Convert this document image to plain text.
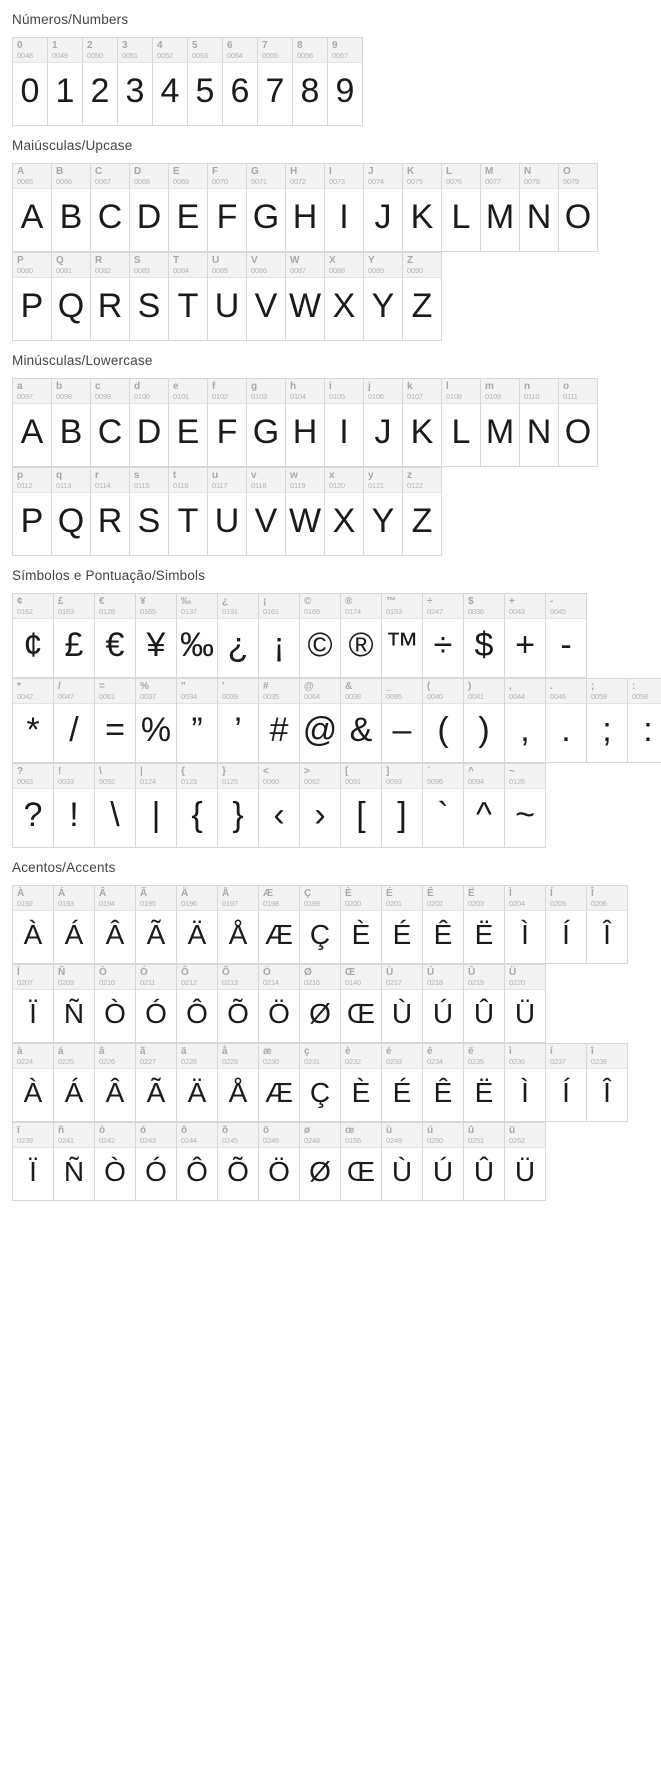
Números/Numbers
0
0048
0
1
0049
1
2
0050
2
3
0051
3
4
0052
4
5
0053
5
6
0054
6
7
0055
7
8
0056
8
9
0057
9
Maiúsculas/Upcase
A
0065
A
B
0066
B
C
0067
C
D
0068
D
E
0069
E
F
0070
F
G
0071
G
H
0072
H
I
0073
I
J
0074
J
K
0075
K
L
0076
L
M
0077
M
N
0078
N
O
0079
O
P
0080
P
Q
0081
Q
R
0082
R
S
0083
S
T
0084
T
U
0085
U
V
0086
V
W
0087
W
X
0088
X
Y
0089
Y
Z
0090
Z
Minúsculas/Lowercase
a
0097
A
b
0098
B
c
0099
C
d
0100
D
e
0101
E
f
0102
F
g
0103
G
h
0104
H
i
0105
I
j
0106
J
k
0107
K
l
0108
L
m
0109
M
n
0110
N
o
0111
O
p
0112
P
q
0113
Q
r
0114
R
s
0115
S
t
0116
T
u
0117
U
v
0118
V
w
0119
W
x
0120
X
y
0121
Y
z
0122
Z
Símbolos e Pontuação/Simbols
¢
0162
¢
£
0163
£
€
0128
€
¥
0165
¥
‰
0137
‰
¿
0191
¿
¡
0161
¡
©
0169
©
®
0174
®
™
0153
™
÷
0247
÷
$
0036
$
+
0043
+
-
0045
-
*
0042
*
/
0047
/
=
0061
=
%
0037
%
"
0034
”
'
0039
’
#
0035
#
@
0064
@
&
0038
&
_
0095
–
(
0040
(
)
0041
)
,
0044
,
.
0046
.
;
0059
;
:
0058
:
?
0063
?
!
0033
!
\
0092
\
|
0124
|
{
0123
{
}
0125
}
<
0060
‹
>
0062
›
[
0091
[
]
0093
]
`
0096
`
^
0094
^
~
0126
~
Acentos/Accents
À
0192
À
Á
0193
Á
Â
0194
Â
Ã
0195
Ã
Ä
0196
Ä
Å
0197
Å
Æ
0198
Æ
Ç
0199
Ç
È
0200
È
É
0201
É
Ê
0202
Ê
Ë
0203
Ë
Ì
0204
Ì
Í
0205
Í
Î
0206
Î
Ï
0207
Ï
Ñ
0209
Ñ
Ò
0210
Ò
Ó
0211
Ó
Ô
0212
Ô
Õ
0213
Õ
Ö
0214
Ö
Ø
0216
Ø
Œ
0140
Œ
Ù
0217
Ù
Ú
0218
Ú
Û
0219
Û
Ü
0220
Ü
à
0224
À
á
0225
Á
â
0226
Â
ã
0227
Ã
ä
0228
Ä
å
0229
Å
æ
0230
Æ
ç
0231
Ç
è
0232
È
é
0233
É
ê
0234
Ê
ë
0235
Ë
ì
0236
Ì
í
0237
Í
î
0238
Î
ï
0239
Ï
ñ
0241
Ñ
ò
0242
Ò
ó
0243
Ó
ô
0244
Ô
õ
0245
Õ
ö
0246
Ö
ø
0248
Ø
œ
0156
Œ
ù
0249
Ù
ú
0250
Ú
û
0251
Û
ü
0252
Ü
